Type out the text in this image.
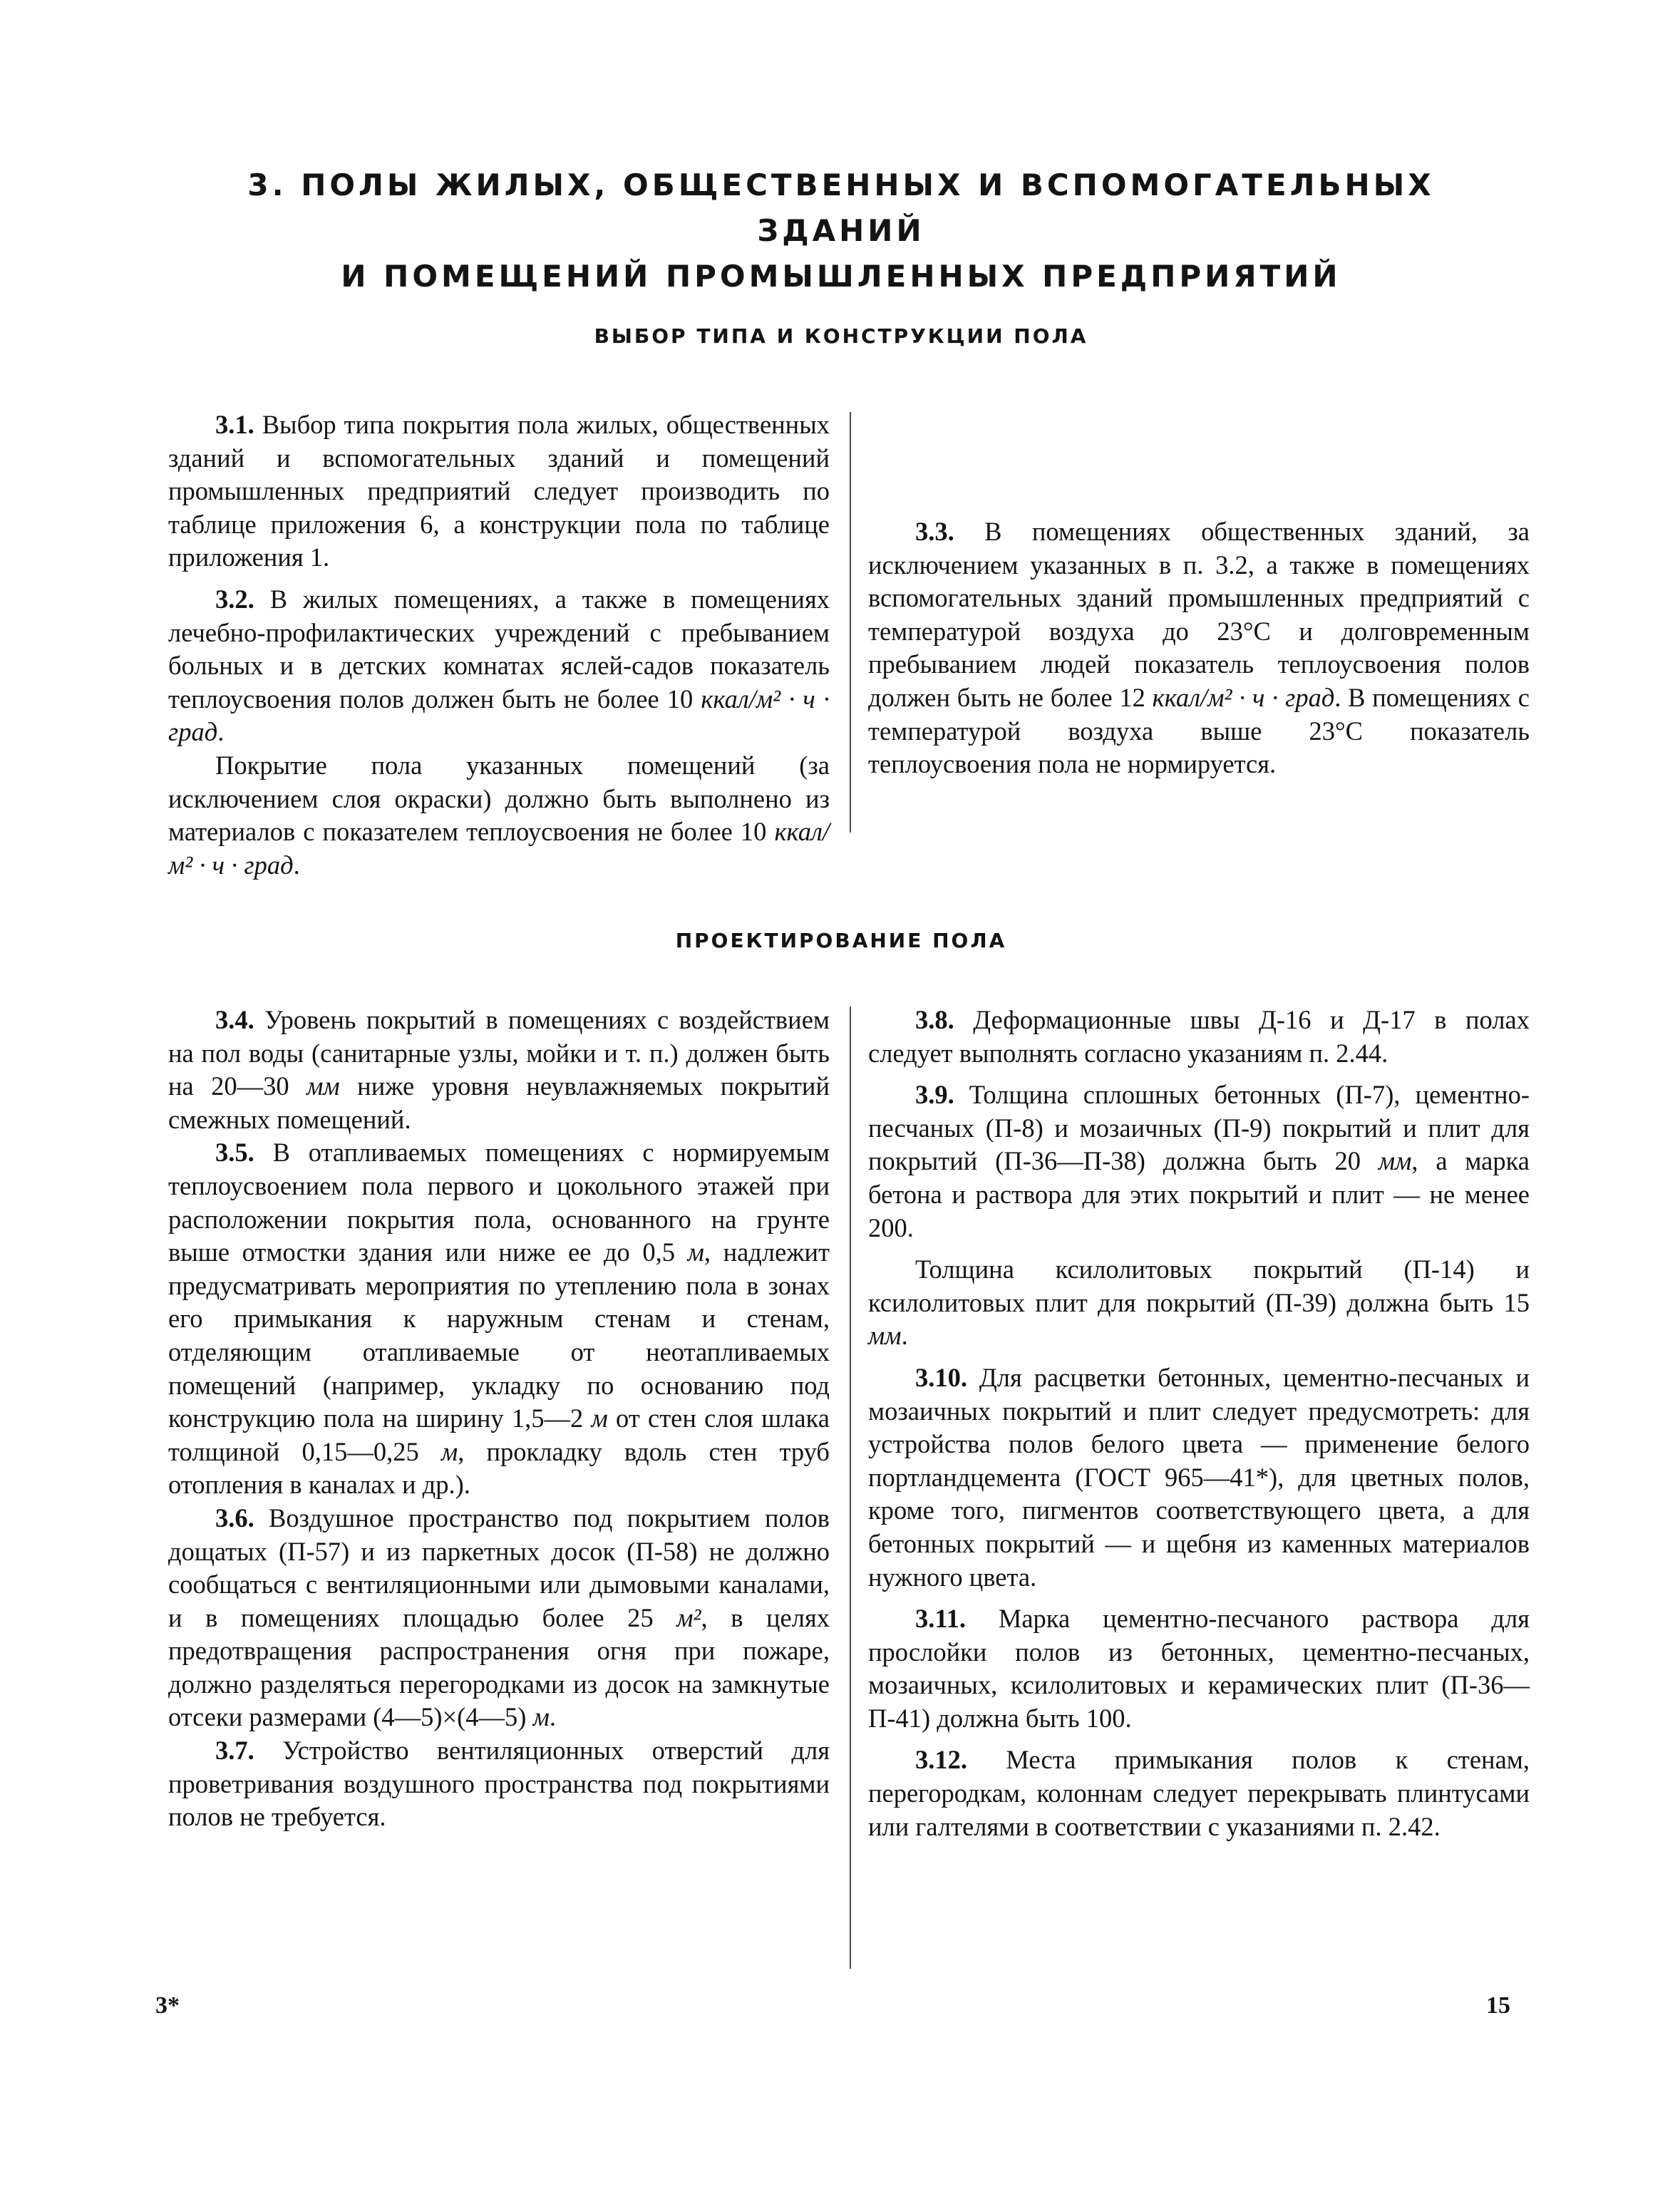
3. ПОЛЫ ЖИЛЫХ, ОБЩЕСТВЕННЫХ И ВСПОМОГАТЕЛЬНЫХ ЗДАНИЙ
И ПОМЕЩЕНИЙ ПРОМЫШЛЕННЫХ ПРЕДПРИЯТИЙ
ВЫБОР ТИПА И КОНСТРУКЦИИ ПОЛА

3.1. Выбор типа покрытия пола жилых, общественных зданий и вспомогательных зданий и помещений промышленных предприятий следует производить по таблице приложения 6, а конструкции пола по таблице приложения 1.

3.2. В жилых помещениях, а также в помещениях лечебно-профилактических учреждений с пребыванием больных и в детских комнатах яслей-садов показатель теплоусвоения полов должен быть не более 10 ккал/м² · ч · град.

Покрытие пола указанных помещений (за исключением слоя окраски) должно быть выполнено из материалов с показателем теплоусвоения не более 10 ккал/м² · ч · град.

3.3. В помещениях общественных зданий, за исключением указанных в п. 3.2, а также в помещениях вспомогательных зданий промышленных предприятий с температурой воздуха до 23°С и долговременным пребыванием людей показатель теплоусвоения полов должен быть не более 12 ккал/м² · ч · град. В помещениях с температурой воздуха выше 23°С показатель теплоусвоения пола не нормируется.

ПРОЕКТИРОВАНИЕ ПОЛА

3.4. Уровень покрытий в помещениях с воздействием на пол воды (санитарные узлы, мойки и т. п.) должен быть на 20—30 мм ниже уровня неувлажняемых покрытий смежных помещений.

3.5. В отапливаемых помещениях с нормируемым теплоусвоением пола первого и цокольного этажей при расположении покрытия пола, основанного на грунте выше отмостки здания или ниже ее до 0,5 м, надлежит предусматривать мероприятия по утеплению пола в зонах его примыкания к наружным стенам и стенам, отделяющим отапливаемые от неотапливаемых помещений (например, укладку по основанию под конструкцию пола на ширину 1,5—2 м от стен слоя шлака толщиной 0,15—0,25 м, прокладку вдоль стен труб отопления в каналах и др.).

3.6. Воздушное пространство под покрытием полов дощатых (П-57) и из паркетных досок (П-58) не должно сообщаться с вентиляционными или дымовыми каналами, и в помещениях площадью более 25 м², в целях предотвращения распространения огня при пожаре, должно разделяться перегородками из досок на замкнутые отсеки размерами (4—5)×(4—5) м.

3.7. Устройство вентиляционных отверстий для проветривания воздушного пространства под покрытиями полов не требуется.

3.8. Деформационные швы Д-16 и Д-17 в полах следует выполнять согласно указаниям п. 2.44.

3.9. Толщина сплошных бетонных (П-7), цементно-песчаных (П-8) и мозаичных (П-9) покрытий и плит для покрытий (П-36—П-38) должна быть 20 мм, а марка бетона и раствора для этих покрытий и плит — не менее 200.

Толщина ксилолитовых покрытий (П-14) и ксилолитовых плит для покрытий (П-39) должна быть 15 мм.

3.10. Для расцветки бетонных, цементно-песчаных и мозаичных покрытий и плит следует предусмотреть: для устройства полов белого цвета — применение белого портландцемента (ГОСТ 965—41*), для цветных полов, кроме того, пигментов соответствующего цвета, а для бетонных покрытий — и щебня из каменных материалов нужного цвета.

3.11. Марка цементно-песчаного раствора для прослойки полов из бетонных, цементно-песчаных, мозаичных, ксилолитовых и керамических плит (П-36—П-41) должна быть 100.

3.12. Места примыкания полов к стенам, перегородкам, колоннам следует перекрывать плинтусами или галтелями в соответствии с указаниями п. 2.42.

3*	15
